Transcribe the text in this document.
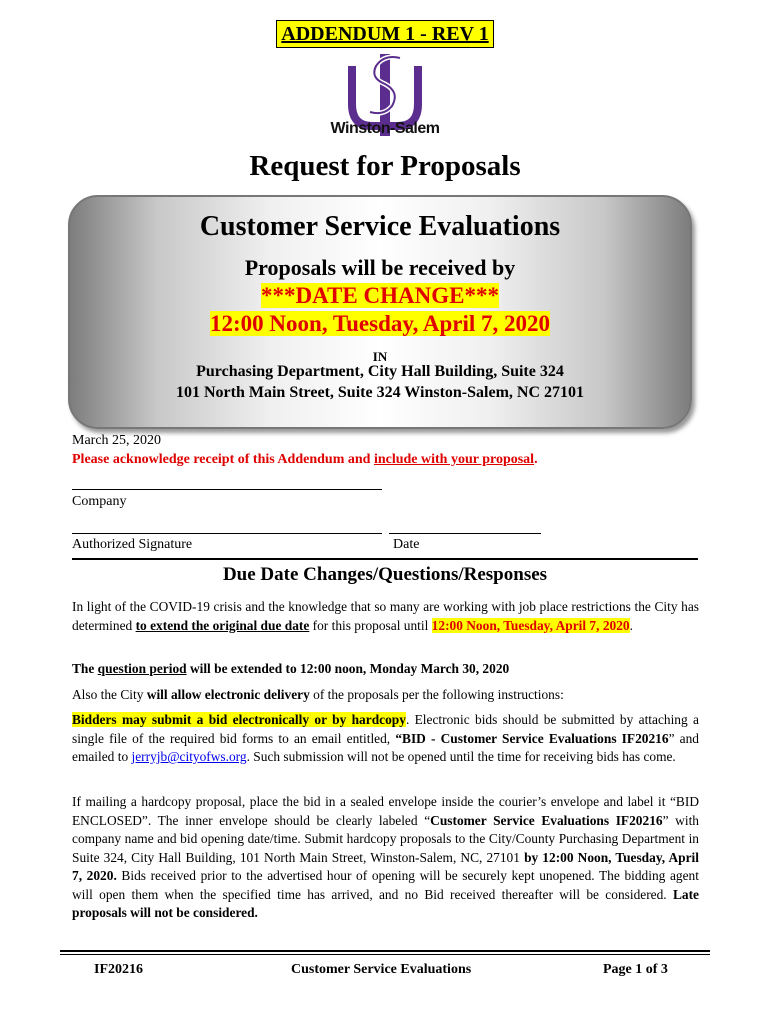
ADDENDUM 1 - REV 1
Winston-Salem
Request for Proposals
Customer Service Evaluations
Proposals will be received by
***DATE CHANGE***
12:00 Noon, Tuesday, April 7, 2020
IN
Purchasing Department, City Hall Building, Suite 324
101 North Main Street, Suite 324 Winston-Salem, NC 27101
March 25, 2020
Please acknowledge receipt of this Addendum and include with your proposal.
Company
Authorized Signature	Date
Due Date Changes/Questions/Responses
In light of the COVID-19 crisis and the knowledge that so many are working with job place restrictions the City has determined to extend the original due date for this proposal until 12:00 Noon, Tuesday, April 7, 2020.
The question period will be extended to 12:00 noon, Monday March 30, 2020
Also the City will allow electronic delivery of the proposals per the following instructions:
Bidders may submit a bid electronically or by hardcopy. Electronic bids should be submitted by attaching a single file of the required bid forms to an email entitled, “BID - Customer Service Evaluations IF20216” and emailed to jerryjb@cityofws.org. Such submission will not be opened until the time for receiving bids has come.
If mailing a hardcopy proposal, place the bid in a sealed envelope inside the courier’s envelope and label it “BID ENCLOSED”. The inner envelope should be clearly labeled “Customer Service Evaluations IF20216” with company name and bid opening date/time. Submit hardcopy proposals to the City/County Purchasing Department in Suite 324, City Hall Building, 101 North Main Street, Winston-Salem, NC, 27101 by 12:00 Noon, Tuesday, April 7, 2020. Bids received prior to the advertised hour of opening will be securely kept unopened. The bidding agent will open them when the specified time has arrived, and no Bid received thereafter will be considered. Late proposals will not be considered.
IF20216	Customer Service Evaluations	Page 1 of 3
